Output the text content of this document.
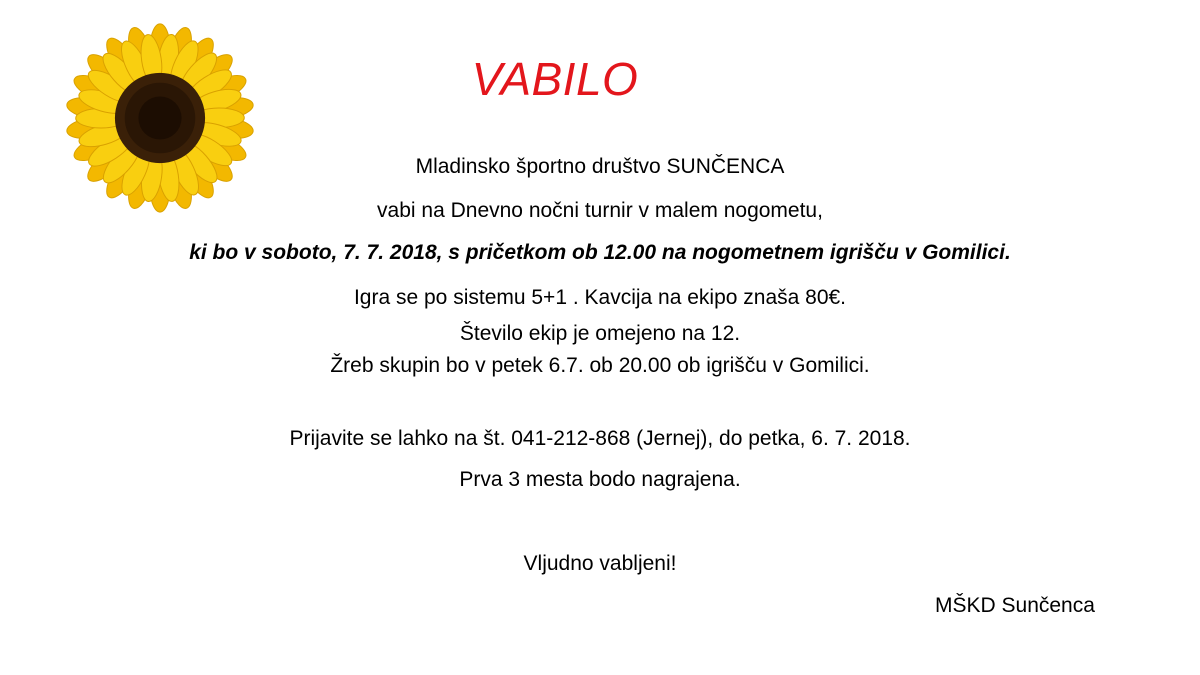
VABILO
Mladinsko športno društvo SUNČENCA
vabi na Dnevno nočni turnir v malem nogometu,
ki bo v soboto, 7. 7. 2018, s pričetkom ob 12.00 na nogometnem igrišču v Gomilici.
Igra se po sistemu 5+1 . Kavcija na ekipo znaša 80€.
Število ekip je omejeno na 12.
Žreb skupin bo v petek 6.7. ob 20.00 ob igrišču v Gomilici.
Prijavite se lahko na št. 041-212-868 (Jernej), do petka, 6. 7. 2018.
Prva 3 mesta bodo nagrajena.
Vljudno vabljeni!
MŠKD Sunčenca
